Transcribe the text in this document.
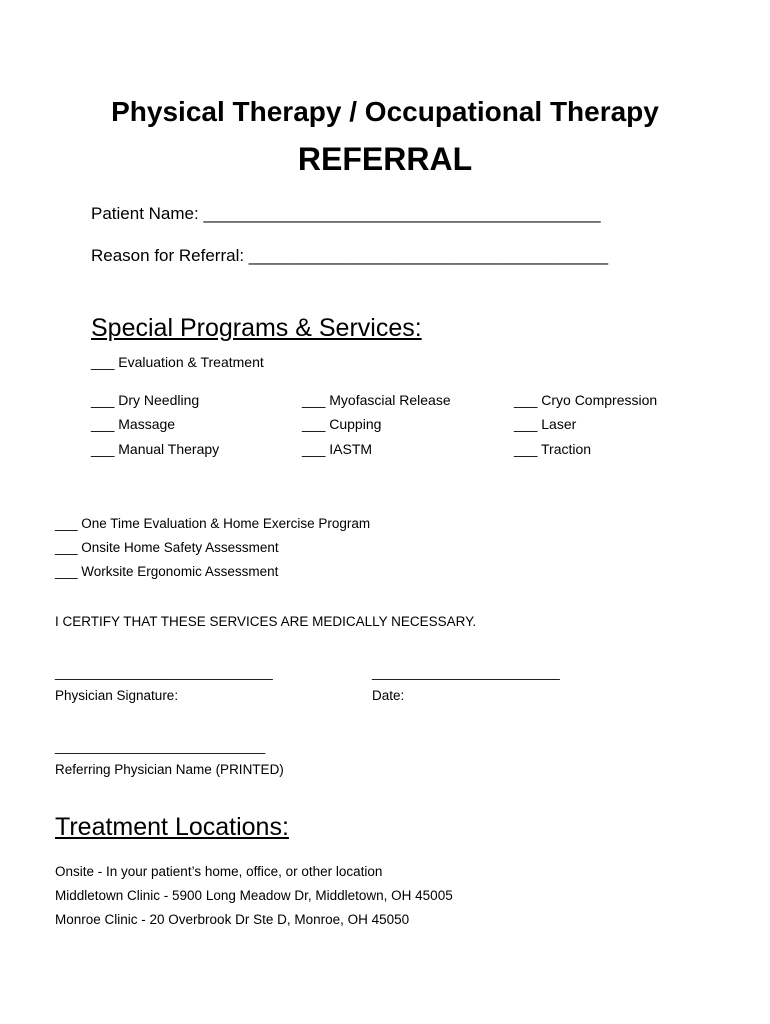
Physical Therapy / Occupational Therapy
REFERRAL
Patient Name: __________________________________________
Reason for Referral: ______________________________________
Special Programs & Services:
___ Evaluation & Treatment
___ Dry Needling
___ Massage
___ Manual Therapy
___ Myofascial Release
___ Cupping
___ IASTM
___ Cryo Compression
___ Laser
___ Traction
___ One Time Evaluation & Home Exercise Program
___ Onsite Home Safety Assessment
___ Worksite Ergonomic Assessment
I CERTIFY THAT THESE SERVICES ARE MEDICALLY NECESSARY.
_____________________________
Physician Signature:
_________________________
Date:
____________________________
Referring Physician Name (PRINTED)
Treatment Locations:
Onsite - In your patient’s home, office, or other location
Middletown Clinic - 5900 Long Meadow Dr, Middletown, OH 45005
Monroe Clinic - 20 Overbrook Dr Ste D, Monroe, OH 45050
